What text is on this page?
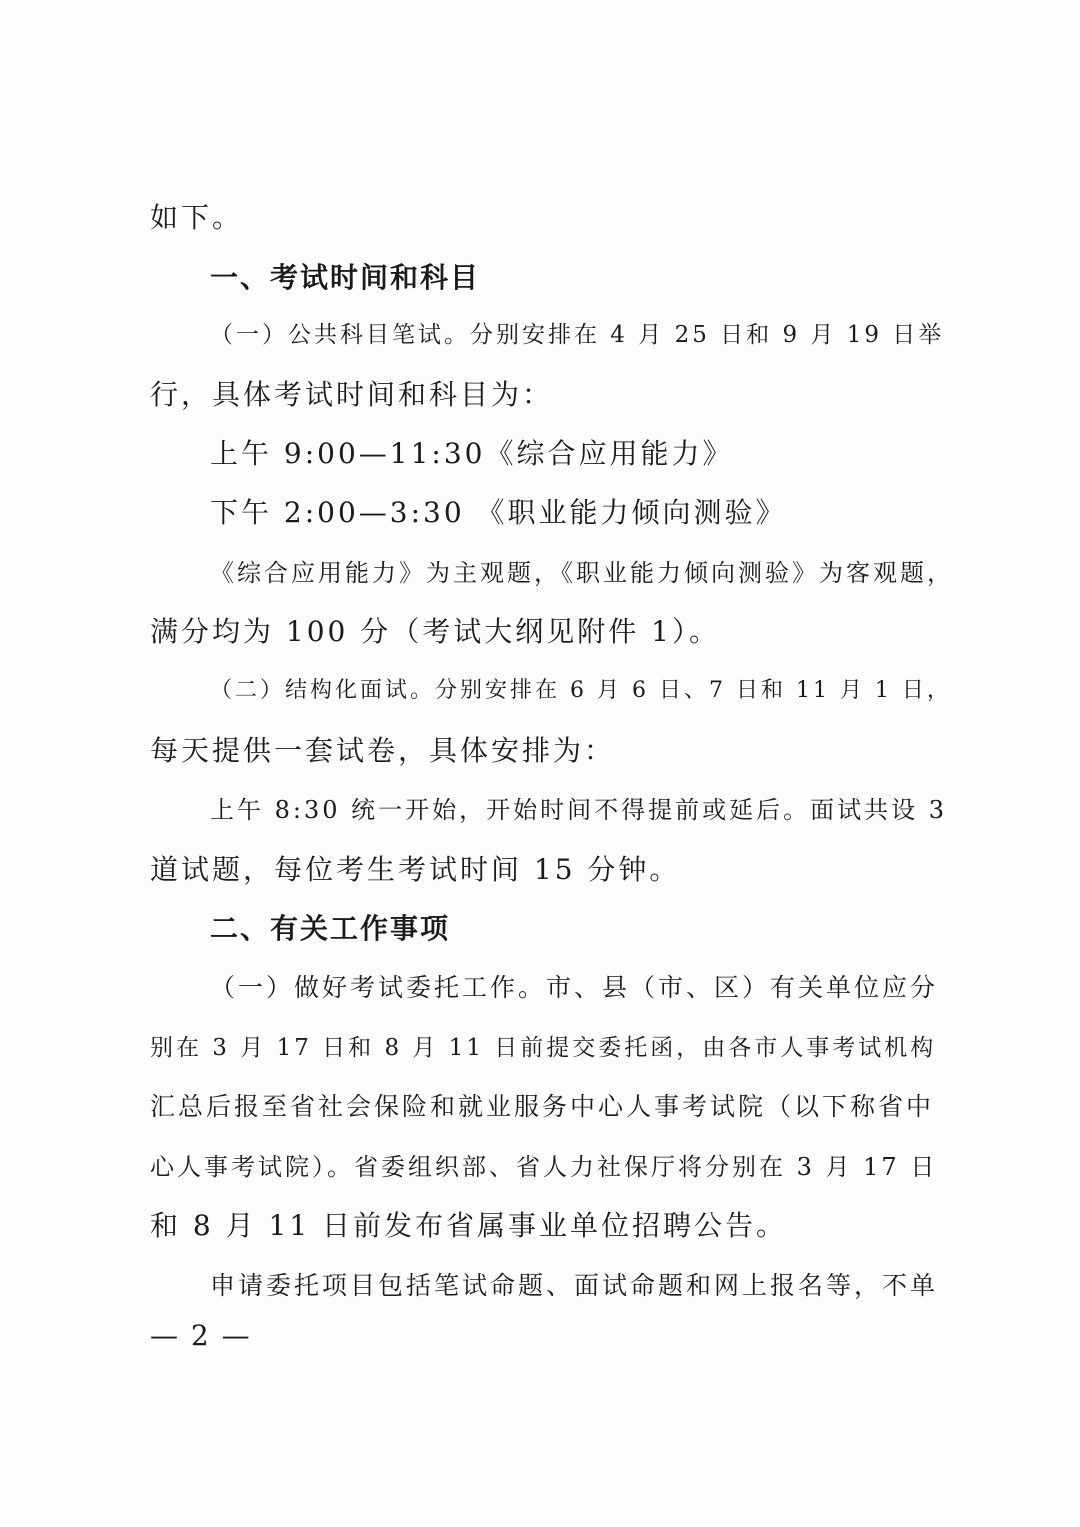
如下。
一、考试时间和科目
（一）公共科目笔试。分别安排在 4 月 25 日和 9 月 19 日举
行，具体考试时间和科目为：
上午 9:00—11:30《综合应用能力》
下午 2:00—3:30 《职业能力倾向测验》
《综合应用能力》为主观题，《职业能力倾向测验》为客观题，
满分均为 100 分（考试大纲见附件 1）。
（二）结构化面试。分别安排在 6 月 6 日、7 日和 11 月 1 日，
每天提供一套试卷，具体安排为：
上午 8:30 统一开始，开始时间不得提前或延后。面试共设 3
道试题，每位考生考试时间 15 分钟。
二、有关工作事项
（一）做好考试委托工作。市、县（市、区）有关单位应分
别在 3 月 17 日和 8 月 11 日前提交委托函，由各市人事考试机构
汇总后报至省社会保险和就业服务中心人事考试院（以下称省中
心人事考试院）。省委组织部、省人力社保厅将分别在 3 月 17 日
和 8 月 11 日前发布省属事业单位招聘公告。
申请委托项目包括笔试命题、面试命题和网上报名等，不单
— 2 —
